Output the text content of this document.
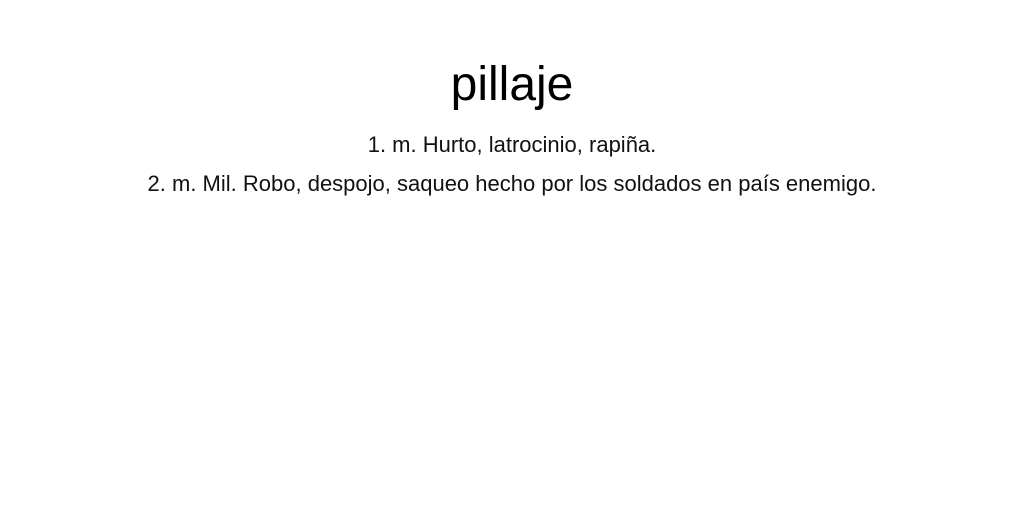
pillaje
1. m. Hurto, latrocinio, rapiña.
2. m. Mil. Robo, despojo, saqueo hecho por los soldados en país enemigo.
